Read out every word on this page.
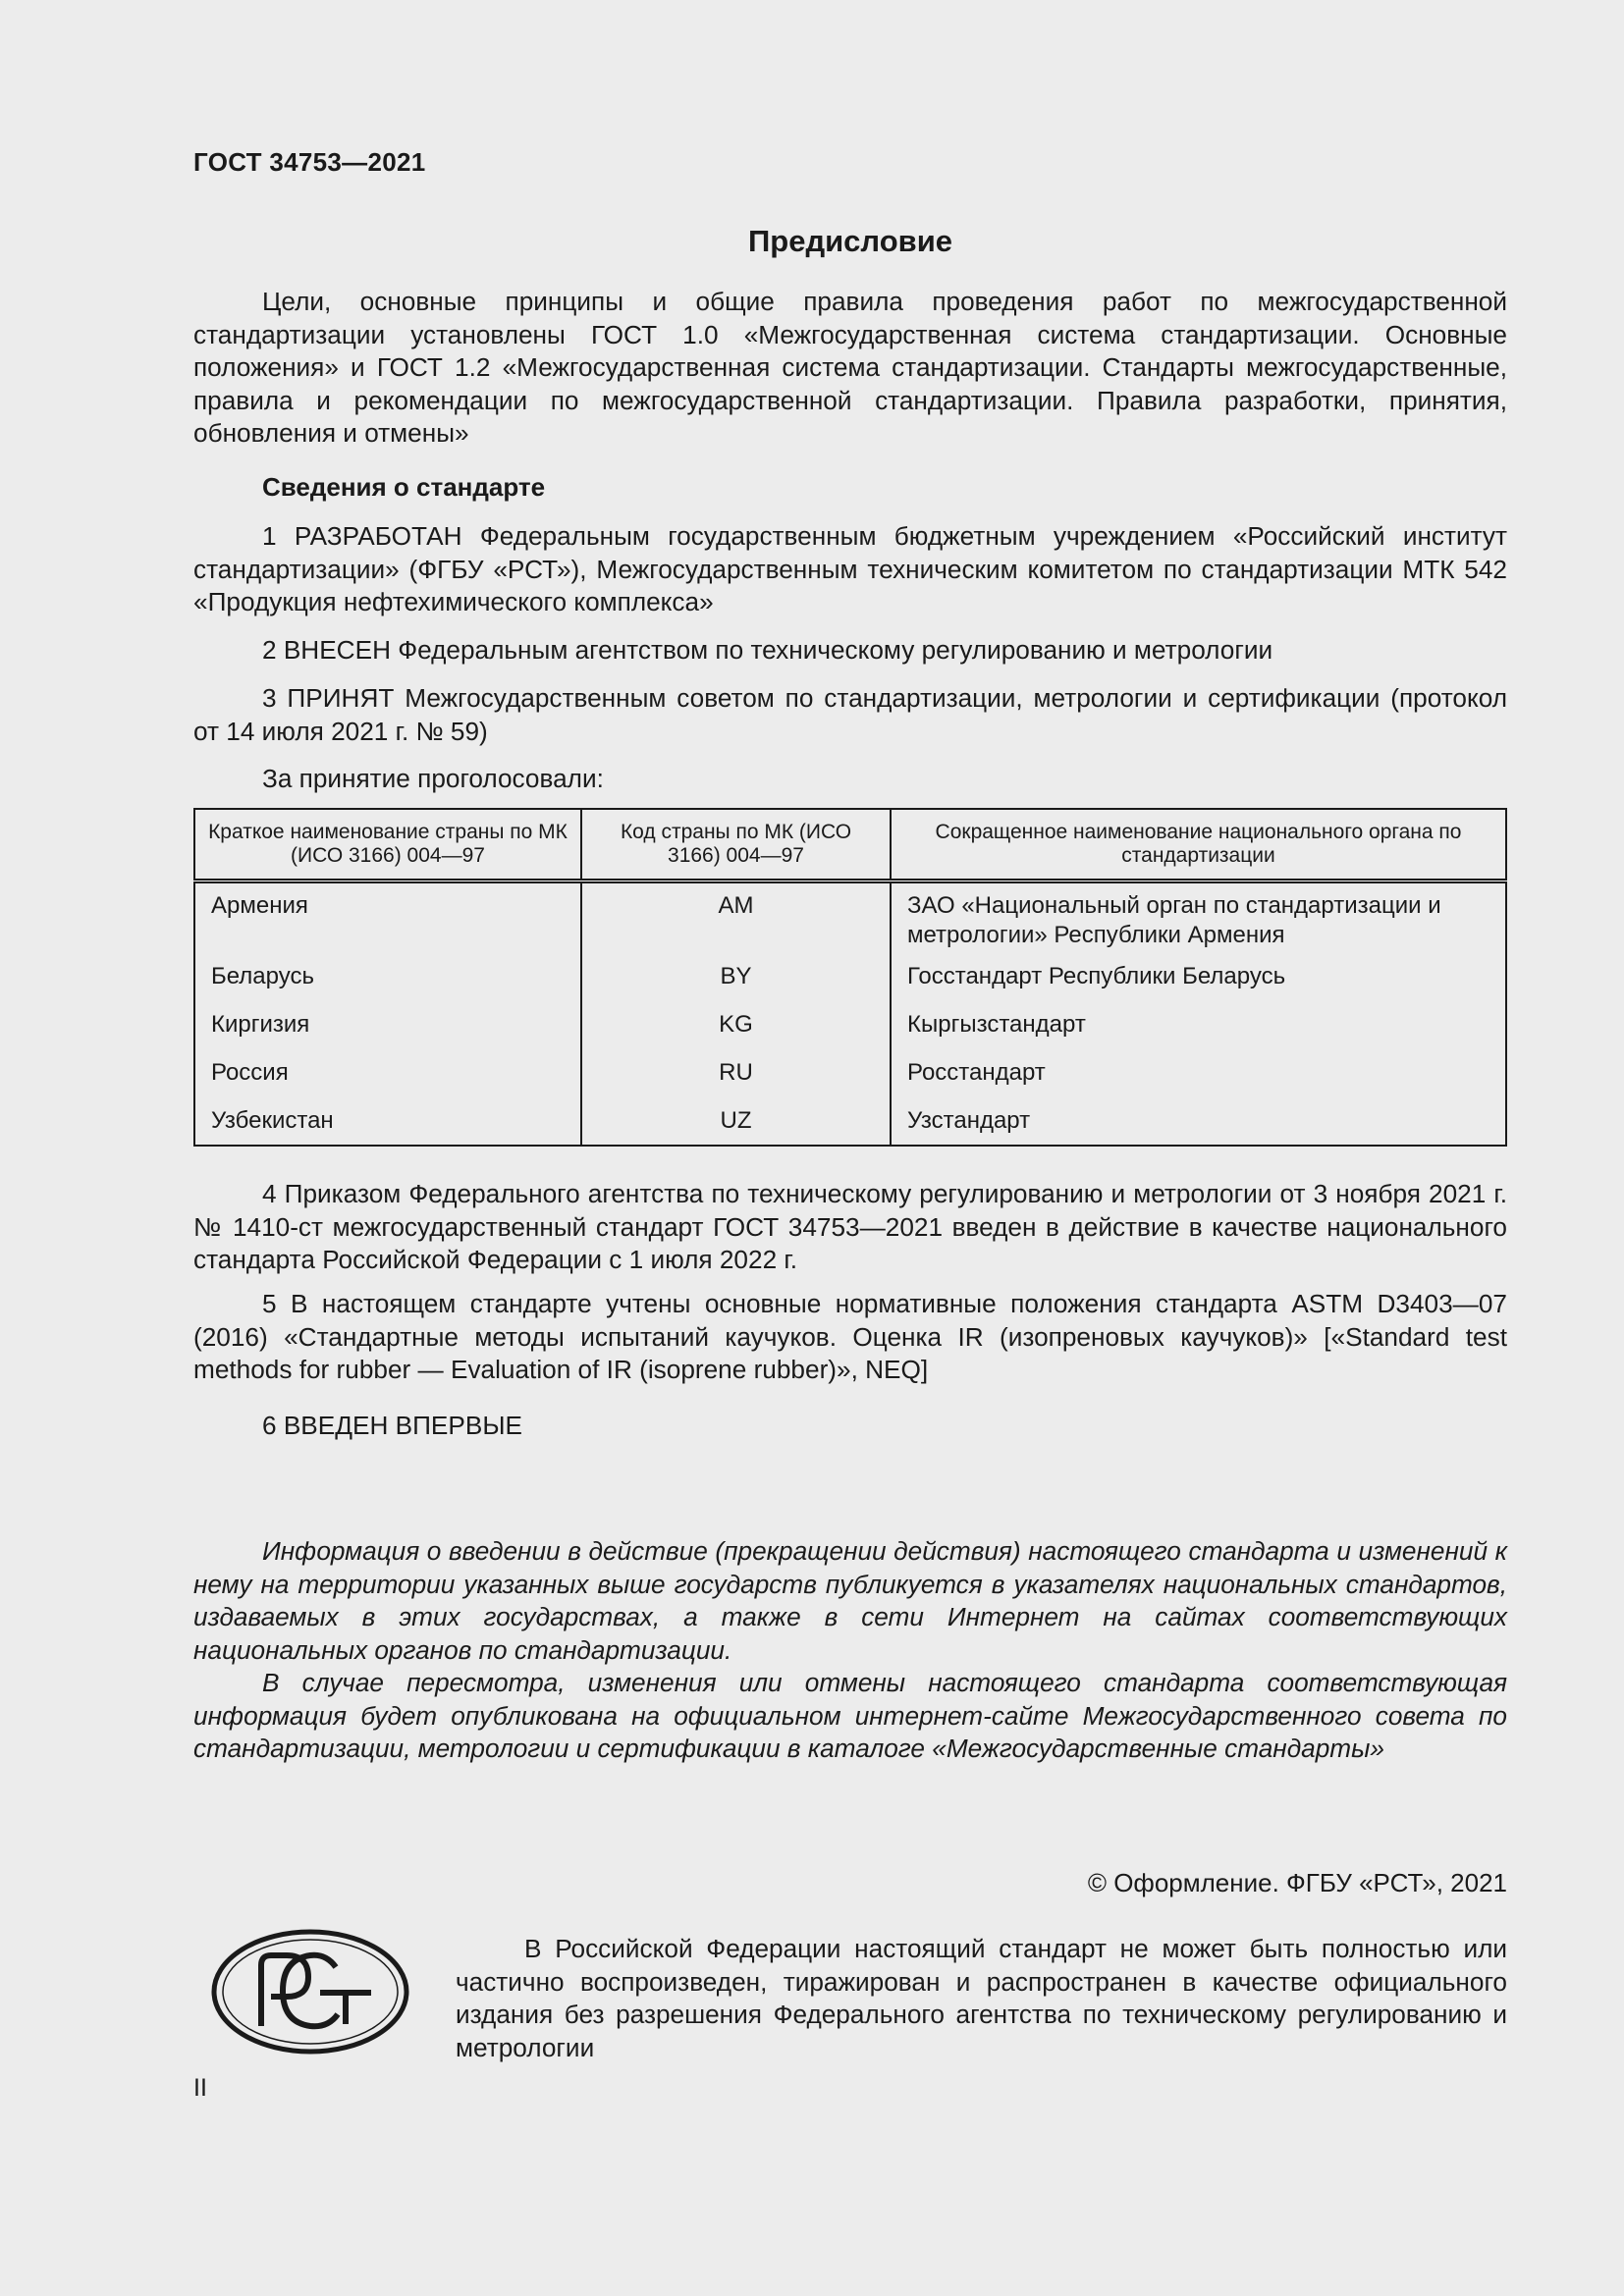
ГОСТ 34753—2021
Предисловие

Цели, основные принципы и общие правила проведения работ по межгосударственной стандартизации установлены ГОСТ 1.0 «Межгосударственная система стандартизации. Основные положения» и ГОСТ 1.2 «Межгосударственная система стандартизации. Стандарты межгосударственные, правила и рекомендации по межгосударственной стандартизации. Правила разработки, принятия, обновления и отмены»

Сведения о стандарте

1 РАЗРАБОТАН Федеральным государственным бюджетным учреждением «Российский институт стандартизации» (ФГБУ «РСТ»), Межгосударственным техническим комитетом по стандартизации МТК 542 «Продукция нефтехимического комплекса»

2 ВНЕСЕН Федеральным агентством по техническому регулированию и метрологии

3 ПРИНЯТ Межгосударственным советом по стандартизации, метрологии и сертификации (протокол от 14 июля 2021 г. № 59)

За принятие проголосовали:
Краткое наименование страны по МК (ИСО 3166) 004—97	Код страны по МК (ИСО 3166) 004—97	Сокращенное наименование национального органа по стандартизации
Армения	AM	ЗАО «Национальный орган по стандартизации и метрологии» Республики Армения
Беларусь	BY	Госстандарт Республики Беларусь
Киргизия	KG	Кыргызстандарт
Россия	RU	Росстандарт
Узбекистан	UZ	Узстандарт

4 Приказом Федерального агентства по техническому регулированию и метрологии от 3 ноября 2021 г. № 1410-ст межгосударственный стандарт ГОСТ 34753—2021 введен в действие в качестве национального стандарта Российской Федерации с 1 июля 2022 г.

5 В настоящем стандарте учтены основные нормативные положения стандарта ASTM D3403—07 (2016) «Стандартные методы испытаний каучуков. Оценка IR (изопреновых каучуков)» [«Standard test methods for rubber — Evaluation of IR (isoprene rubber)», NEQ]

6 ВВЕДЕН ВПЕРВЫЕ

Информация о введении в действие (прекращении действия) настоящего стандарта и изменений к нему на территории указанных выше государств публикуется в указателях национальных стандартов, издаваемых в этих государствах, а также в сети Интернет на сайтах соответствующих национальных органов по стандартизации.

В случае пересмотра, изменения или отмены настоящего стандарта соответствующая информация будет опубликована на официальном интернет-сайте Межгосударственного совета по стандартизации, метрологии и сертификации в каталоге «Межгосударственные стандарты»

© Оформление. ФГБУ «РСТ», 2021

В Российской Федерации настоящий стандарт не может быть полностью или частично воспроизведен, тиражирован и распространен в качестве официального издания без разрешения Федерального агентства по техническому регулированию и метрологии

II
